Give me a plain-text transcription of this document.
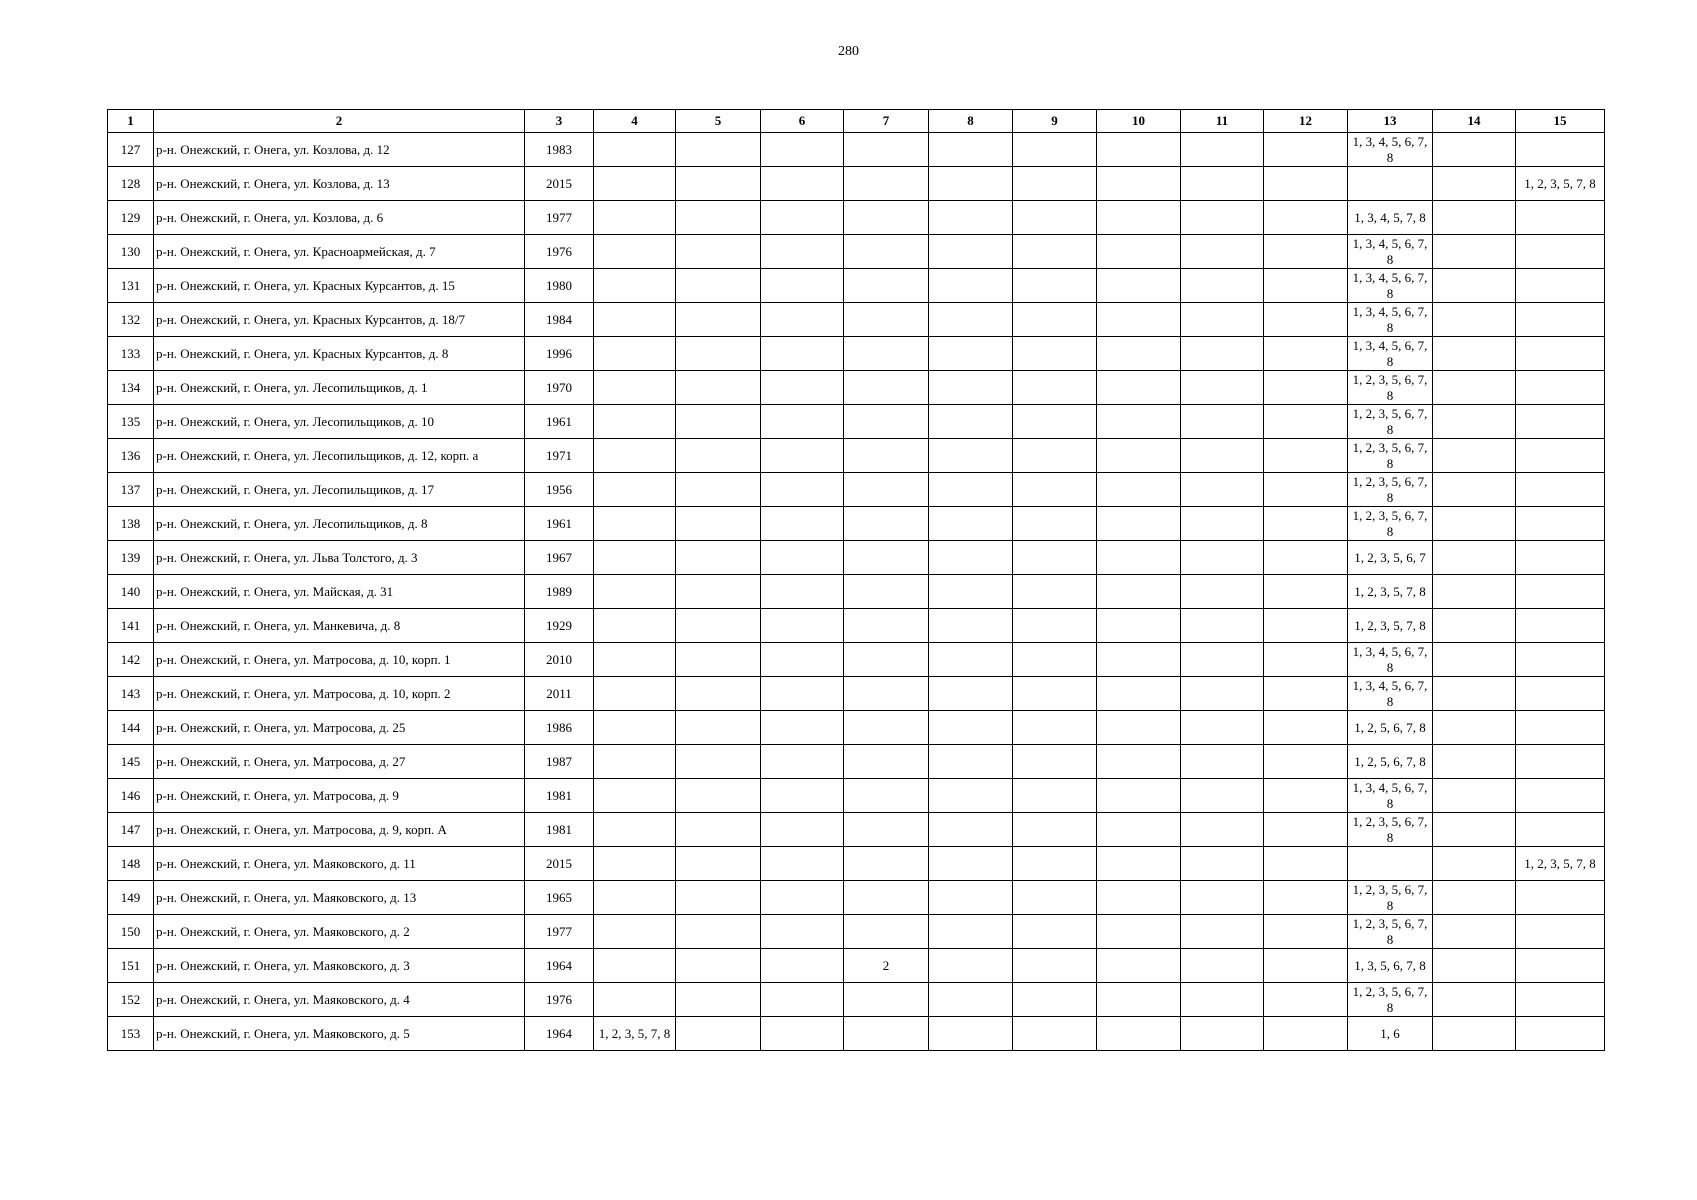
280
1	2	3	4	5	6	7	8	9	10	11	12	13	14	15
127	р-н. Онежский, г. Онега, ул. Козлова, д. 12	1983										1, 3, 4, 5, 6, 7, 8		
128	р-н. Онежский, г. Онега, ул. Козлова, д. 13	2015												1, 2, 3, 5, 7, 8
129	р-н. Онежский, г. Онега, ул. Козлова, д. 6	1977										1, 3, 4, 5, 7, 8		
130	р-н. Онежский, г. Онега, ул. Красноармейская, д. 7	1976										1, 3, 4, 5, 6, 7, 8		
131	р-н. Онежский, г. Онега, ул. Красных Курсантов, д. 15	1980										1, 3, 4, 5, 6, 7, 8		
132	р-н. Онежский, г. Онега, ул. Красных Курсантов, д. 18/7	1984										1, 3, 4, 5, 6, 7, 8		
133	р-н. Онежский, г. Онега, ул. Красных Курсантов, д. 8	1996										1, 3, 4, 5, 6, 7, 8		
134	р-н. Онежский, г. Онега, ул. Лесопильщиков, д. 1	1970										1, 2, 3, 5, 6, 7, 8		
135	р-н. Онежский, г. Онега, ул. Лесопильщиков, д. 10	1961										1, 2, 3, 5, 6, 7, 8		
136	р-н. Онежский, г. Онега, ул. Лесопильщиков, д. 12, корп. а	1971										1, 2, 3, 5, 6, 7, 8		
137	р-н. Онежский, г. Онега, ул. Лесопильщиков, д. 17	1956										1, 2, 3, 5, 6, 7, 8		
138	р-н. Онежский, г. Онега, ул. Лесопильщиков, д. 8	1961										1, 2, 3, 5, 6, 7, 8		
139	р-н. Онежский, г. Онега, ул. Льва Толстого, д. 3	1967										1, 2, 3, 5, 6, 7		
140	р-н. Онежский, г. Онега, ул. Майская, д. 31	1989										1, 2, 3, 5, 7, 8		
141	р-н. Онежский, г. Онега, ул. Манкевича, д. 8	1929										1, 2, 3, 5, 7, 8		
142	р-н. Онежский, г. Онега, ул. Матросова, д. 10, корп. 1	2010										1, 3, 4, 5, 6, 7, 8		
143	р-н. Онежский, г. Онега, ул. Матросова, д. 10, корп. 2	2011										1, 3, 4, 5, 6, 7, 8		
144	р-н. Онежский, г. Онега, ул. Матросова, д. 25	1986										1, 2, 5, 6, 7, 8		
145	р-н. Онежский, г. Онега, ул. Матросова, д. 27	1987										1, 2, 5, 6, 7, 8		
146	р-н. Онежский, г. Онега, ул. Матросова, д. 9	1981										1, 3, 4, 5, 6, 7, 8		
147	р-н. Онежский, г. Онега, ул. Матросова, д. 9, корп. А	1981										1, 2, 3, 5, 6, 7, 8		
148	р-н. Онежский, г. Онега, ул. Маяковского, д. 11	2015												1, 2, 3, 5, 7, 8
149	р-н. Онежский, г. Онега, ул. Маяковского, д. 13	1965										1, 2, 3, 5, 6, 7, 8		
150	р-н. Онежский, г. Онега, ул. Маяковского, д. 2	1977										1, 2, 3, 5, 6, 7, 8		
151	р-н. Онежский, г. Онега, ул. Маяковского, д. 3	1964				2						1, 3, 5, 6, 7, 8		
152	р-н. Онежский, г. Онега, ул. Маяковского, д. 4	1976										1, 2, 3, 5, 6, 7, 8		
153	р-н. Онежский, г. Онега, ул. Маяковского, д. 5	1964	1, 2, 3, 5, 7, 8									1, 6		
